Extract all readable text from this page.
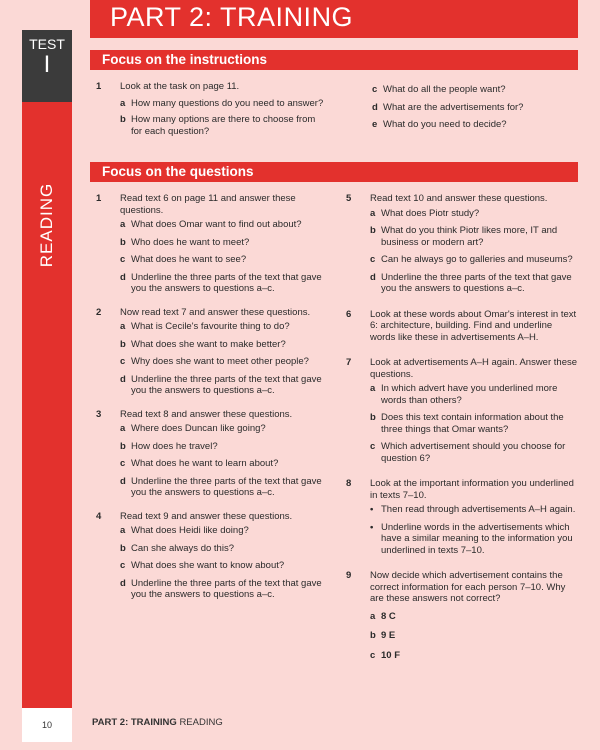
PART 2: TRAINING
TEST
I
READING
Focus on the instructions
1 Look at the task on page 11.
a How many questions do you need to answer?
b How many options are there to choose from for each question?
c What do all the people want?
d What are the advertisements for?
e What do you need to decide?
Focus on the questions
1 Read text 6 on page 11 and answer these questions.
a What does Omar want to find out about?
b Who does he want to meet?
c What does he want to see?
d Underline the three parts of the text that gave you the answers to questions a–c.
2 Now read text 7 and answer these questions.
a What is Cecile's favourite thing to do?
b What does she want to make better?
c Why does she want to meet other people?
d Underline the three parts of the text that gave you the answers to questions a–c.
3 Read text 8 and answer these questions.
a Where does Duncan like going?
b How does he travel?
c What does he want to learn about?
d Underline the three parts of the text that gave you the answers to questions a–c.
4 Read text 9 and answer these questions.
a What does Heidi like doing?
b Can she always do this?
c What does she want to know about?
d Underline the three parts of the text that gave you the answers to questions a–c.
5 Read text 10 and answer these questions.
a What does Piotr study?
b What do you think Piotr likes more, IT and business or modern art?
c Can he always go to galleries and museums?
d Underline the three parts of the text that gave you the answers to questions a–c.
6 Look at these words about Omar's interest in text 6: architecture, building. Find and underline words like these in advertisements A–H.
7 Look at advertisements A–H again. Answer these questions.
a In which advert have you underlined more words than others?
b Does this text contain information about the three things that Omar wants?
c Which advertisement should you choose for question 6?
8 Look at the important information you underlined in texts 7–10.
• Then read through advertisements A–H again.
• Underline words in the advertisements which have a similar meaning to the information you underlined in texts 7–10.
9 Now decide which advertisement contains the correct information for each person 7–10. Why are these answers not correct?
a 8 C
b 9 E
c 10 F
10	PART 2: TRAINING READING
